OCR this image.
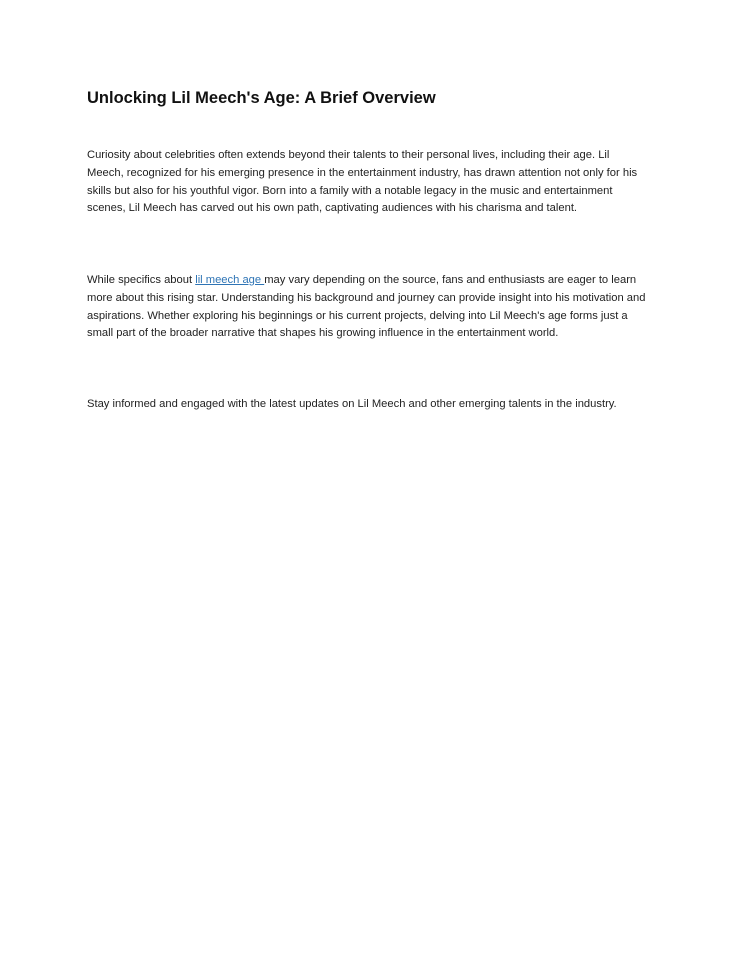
Unlocking Lil Meech's Age: A Brief Overview

Curiosity about celebrities often extends beyond their talents to their personal lives, including their age. Lil Meech, recognized for his emerging presence in the entertainment industry, has drawn attention not only for his skills but also for his youthful vigor. Born into a family with a notable legacy in the music and entertainment scenes, Lil Meech has carved out his own path, captivating audiences with his charisma and talent.

While specifics about lil meech age may vary depending on the source, fans and enthusiasts are eager to learn more about this rising star. Understanding his background and journey can provide insight into his motivation and aspirations. Whether exploring his beginnings or his current projects, delving into Lil Meech's age forms just a small part of the broader narrative that shapes his growing influence in the entertainment world.

Stay informed and engaged with the latest updates on Lil Meech and other emerging talents in the industry.
